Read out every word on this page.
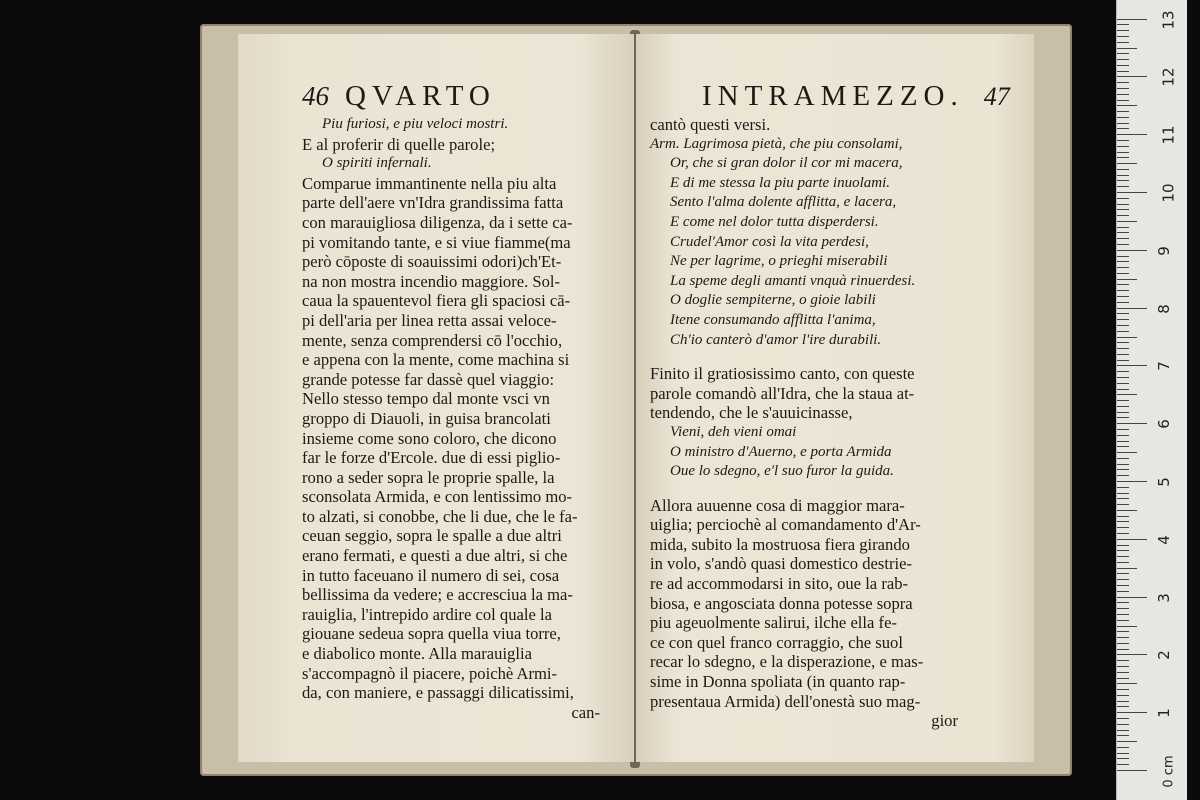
46 QVARTO
Piu furiosi, e piu veloci mostri.
E al proferir di quelle parole;
O spiriti infernali.
Comparue immantinente nella piu alta
parte dell'aere vn'Idra grandissima fatta
con marauigliosa diligenza, da i sette ca-
pi vomitando tante, e si viue fiamme(ma
però cōposte di soauissimi odori)ch'Et-
na non mostra incendio maggiore. Sol-
caua la spauentevol fiera gli spaciosi cā-
pi dell'aria per linea retta assai veloce-
mente, senza comprendersi cō l'occhio,
e appena con la mente, come machina si
grande potesse far dassè quel viaggio:
Nello stesso tempo dal monte vsci vn
groppo di Diauoli, in guisa brancolati
insieme come sono coloro, che dicono
far le forze d'Ercole. due di essi piglio-
rono a seder sopra le proprie spalle, la
sconsolata Armida, e con lentissimo mo-
to alzati, si conobbe, che li due, che le fa-
ceuan seggio, sopra le spalle a due altri
erano fermati, e questi a due altri, si che
in tutto faceuano il numero di sei, cosa
bellissima da vedere; e accresciua la ma-
rauiglia, l'intrepido ardire col quale la
giouane sedeua sopra quella viua torre,
e diabolico monte. Alla marauiglia
s'accompagnò il piacere, poichè Armi-
da, con maniere, e passaggi dilicatissimi,
can-
INTRAMEZZO. 47
cantò questi versi.
Arm. Lagrimosa pietà, che piu consolami,
Or, che si gran dolor il cor mi macera,
E di me stessa la piu parte inuolami.
Sento l'alma dolente afflitta, e lacera,
E come nel dolor tutta disperdersi.
Crudel'Amor così la vita perdesi,
Ne per lagrime, o prieghi miserabili
La speme degli amanti vnquà rinuerdesi.
O doglie sempiterne, o gioie labili
Itene consumando afflitta l'anima,
Ch'io canterò d'amor l'ire durabili.
Finito il gratiosissimo canto, con queste
parole comandò all'Idra, che la staua at-
tendendo, che le s'auuicinasse,
Vieni, deh vieni omai
O ministro d'Auerno, e porta Armida
Oue lo sdegno, e'l suo furor la guida.
Allora auuenne cosa di maggior mara-
uiglia; perciochè al comandamento d'Ar-
mida, subito la mostruosa fiera girando
in volo, s'andò quasi domestico destrie-
re ad accommodarsi in sito, oue la rab-
biosa, e angosciata donna potesse sopra
piu ageuolmente salirui, ilche ella fe-
ce con quel franco corraggio, che suol
recar lo sdegno, e la disperazione, e mas-
sime in Donna spoliata (in quanto rap-
presentaua Armida) dell'onestà suo mag-
gior
0 cm
1
2
3
4
5
6
7
8
9
10
11
12
13
